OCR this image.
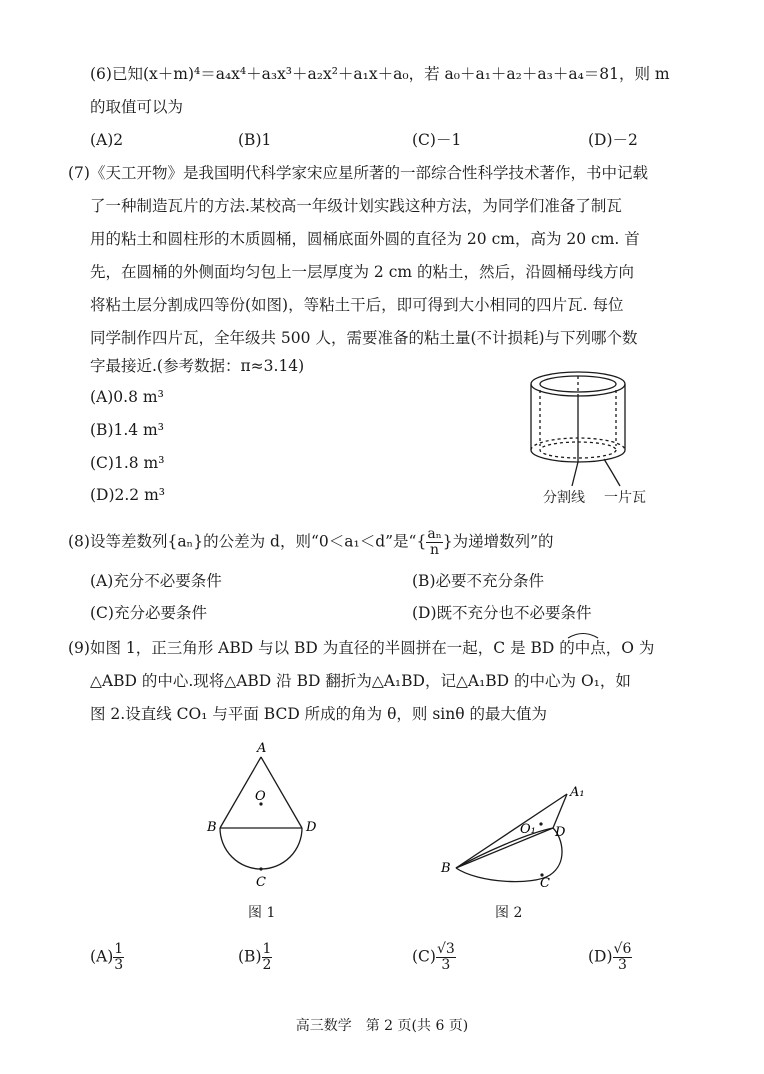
(6)已知(x＋m)⁴＝a₄x⁴＋a₃x³＋a₂x²＋a₁x＋a₀，若 a₀＋a₁＋a₂＋a₃＋a₄＝81，则 m
的取值可以为
(A)2	(B)1	(C)－1	(D)－2
(7)《天工开物》是我国明代科学家宋应星所著的一部综合性科学技术著作，书中记载
了一种制造瓦片的方法.某校高一年级计划实践这种方法，为同学们准备了制瓦
用的粘土和圆柱形的木质圆桶，圆桶底面外圆的直径为 20 cm，高为 20 cm. 首
先，在圆桶的外侧面均匀包上一层厚度为 2 cm 的粘土，然后，沿圆桶母线方向
将粘土层分割成四等份(如图)，等粘土干后，即可得到大小相同的四片瓦. 每位
同学制作四片瓦，全年级共 500 人，需要准备的粘土量(不计损耗)与下列哪个数
字最接近.(参考数据：π≈3.14)
(A)0.8 m³
(B)1.4 m³
(C)1.8 m³
(D)2.2 m³	分割线 一片瓦
(8)设等差数列{aₙ}的公差为 d，则“0＜a₁＜d”是“{ $\frac{\text{aₙ}}{n}$ }为递增数列”的
(A)充分不必要条件	(B)必要不充分条件
(C)充分必要条件	(D)既不充分也不必要条件
(9)如图 1，正三角形 ABD 与以 BD 为直径的半圆拼在一起，C 是 BD 的中点，O 为
△ABD 的中心.现将△ABD 沿 BD 翻折为△A₁BD，记△A₁BD 的中心为 O₁，如
图 2.设直线 CO₁ 与平面 BCD 所成的角为 θ，则 sinθ 的最大值为
A
O
B	D
C
图 1
A₁
O₁ D
B
C
图 2
$(A) \frac{1}{3}$	$(B) \frac{1}{2}$	$(C) \frac{√3}{3}$	$(D) \frac{√6}{3}$
高三数学　第 2 页(共 6 页)
